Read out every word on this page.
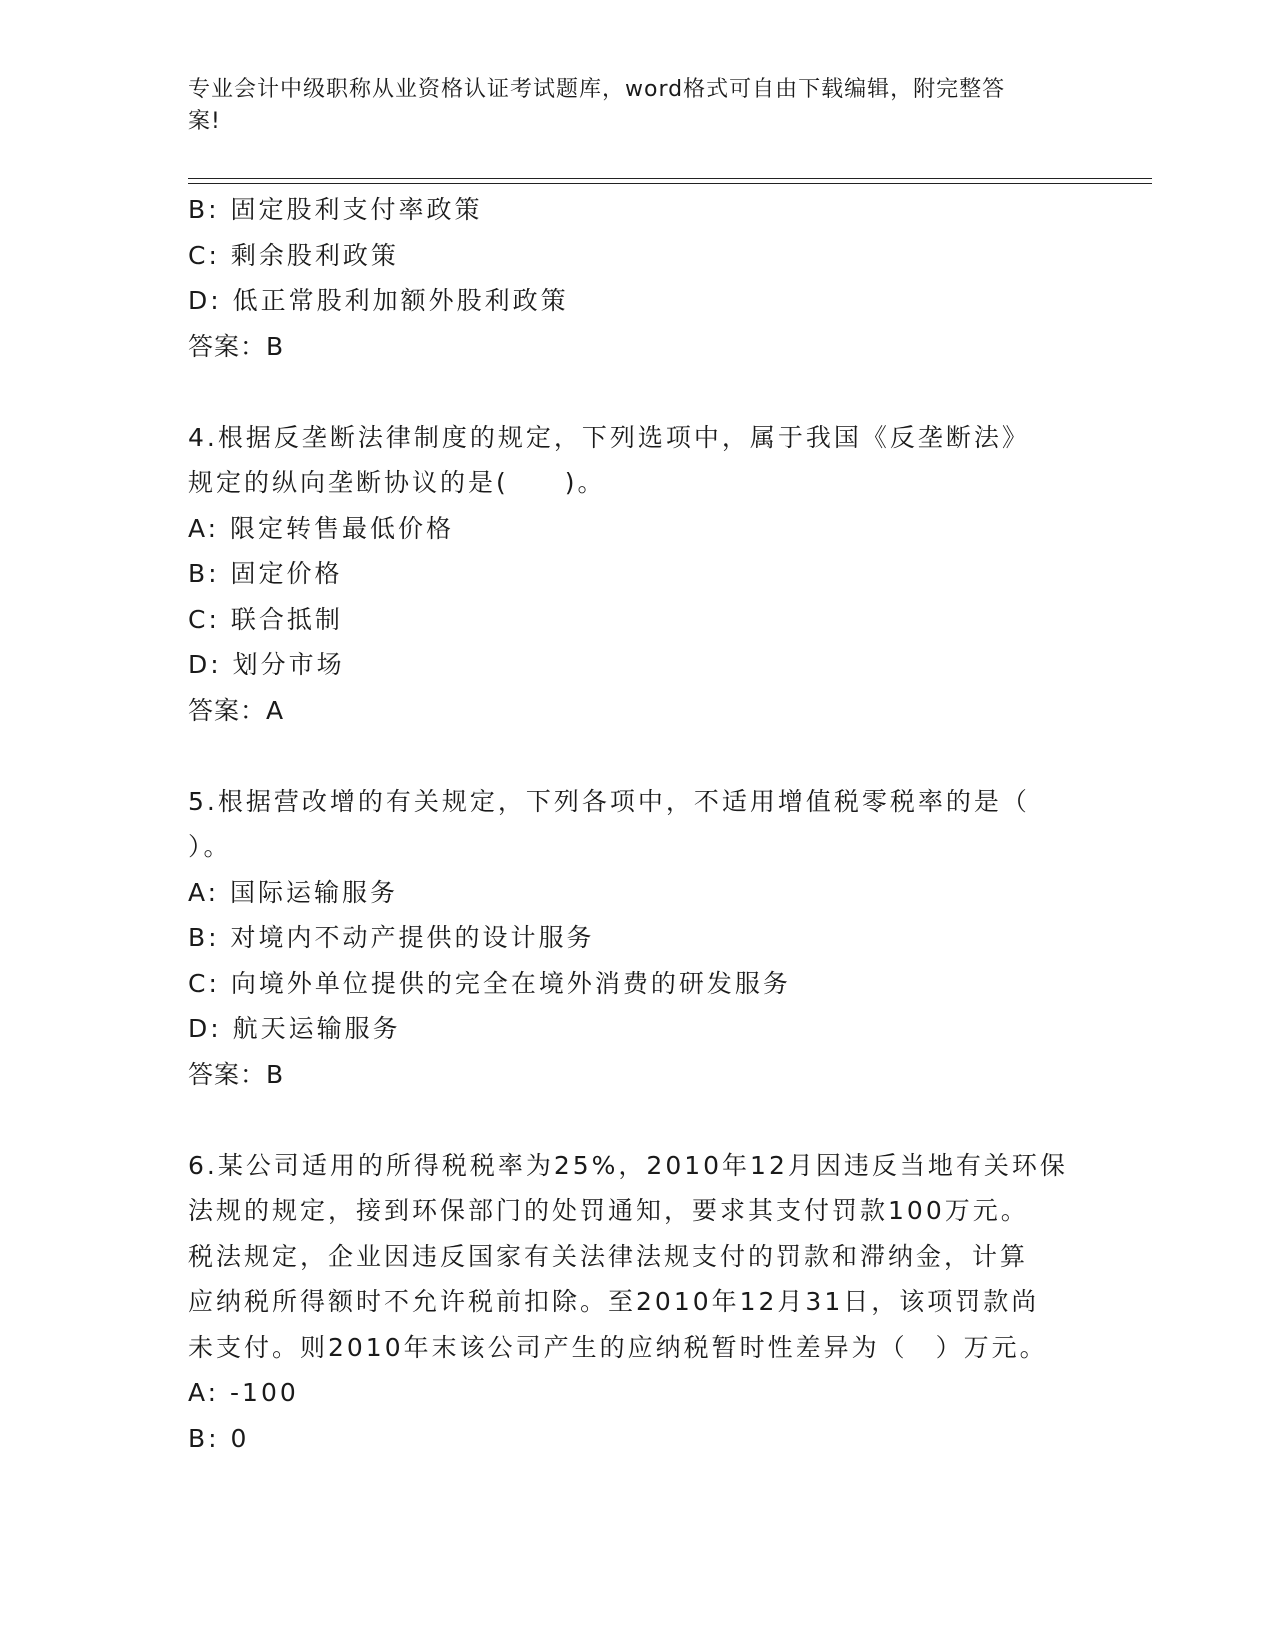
专业会计中级职称从业资格认证考试题库，word格式可自由下载编辑，附完整答
案!
B: 固定股利支付率政策
C: 剩余股利政策
D: 低正常股利加额外股利政策
答案：B
4.根据反垄断法律制度的规定，下列选项中，属于我国《反垄断法》
规定的纵向垄断协议的是(　　)。
A: 限定转售最低价格
B: 固定价格
C: 联合抵制
D: 划分市场
答案：A
5.根据营改增的有关规定，下列各项中，不适用增值税零税率的是（
）。
A: 国际运输服务
B: 对境内不动产提供的设计服务
C: 向境外单位提供的完全在境外消费的研发服务
D: 航天运输服务
答案：B
6.某公司适用的所得税税率为25%，2010年12月因违反当地有关环保
法规的规定，接到环保部门的处罚通知，要求其支付罚款100万元。
税法规定，企业因违反国家有关法律法规支付的罚款和滞纳金，计算
应纳税所得额时不允许税前扣除。至2010年12月31日，该项罚款尚
未支付。则2010年末该公司产生的应纳税暂时性差异为（　）万元。
A: -100
B: 0
